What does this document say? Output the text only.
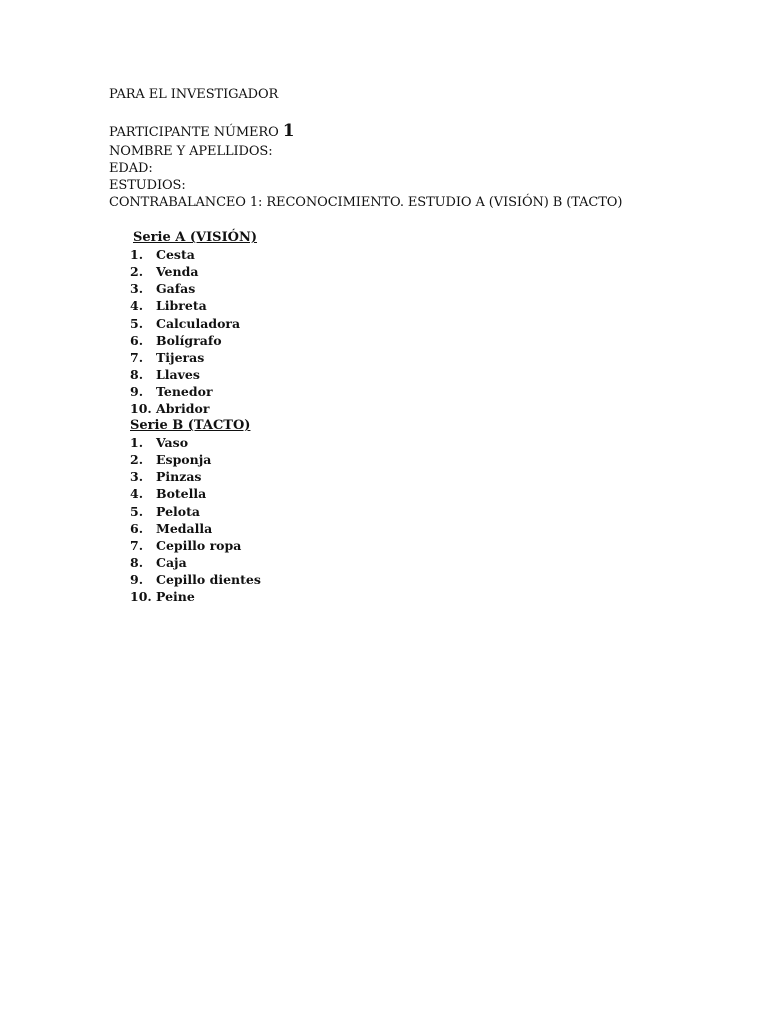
PARA EL INVESTIGADOR
PARTICIPANTE NÚMERO 1
NOMBRE Y APELLIDOS:
EDAD:
ESTUDIOS:
CONTRABALANCEO 1: RECONOCIMIENTO. ESTUDIO A (VISIÓN) B (TACTO)
Serie A (VISIÓN)
1. Cesta
2. Venda
3. Gafas
4. Libreta
5. Calculadora
6. Bolígrafo
7. Tijeras
8. Llaves
9. Tenedor
10. Abridor
Serie B (TACTO)
1. Vaso
2. Esponja
3. Pinzas
4. Botella
5. Pelota
6. Medalla
7. Cepillo ropa
8. Caja
9. Cepillo dientes
10. Peine
